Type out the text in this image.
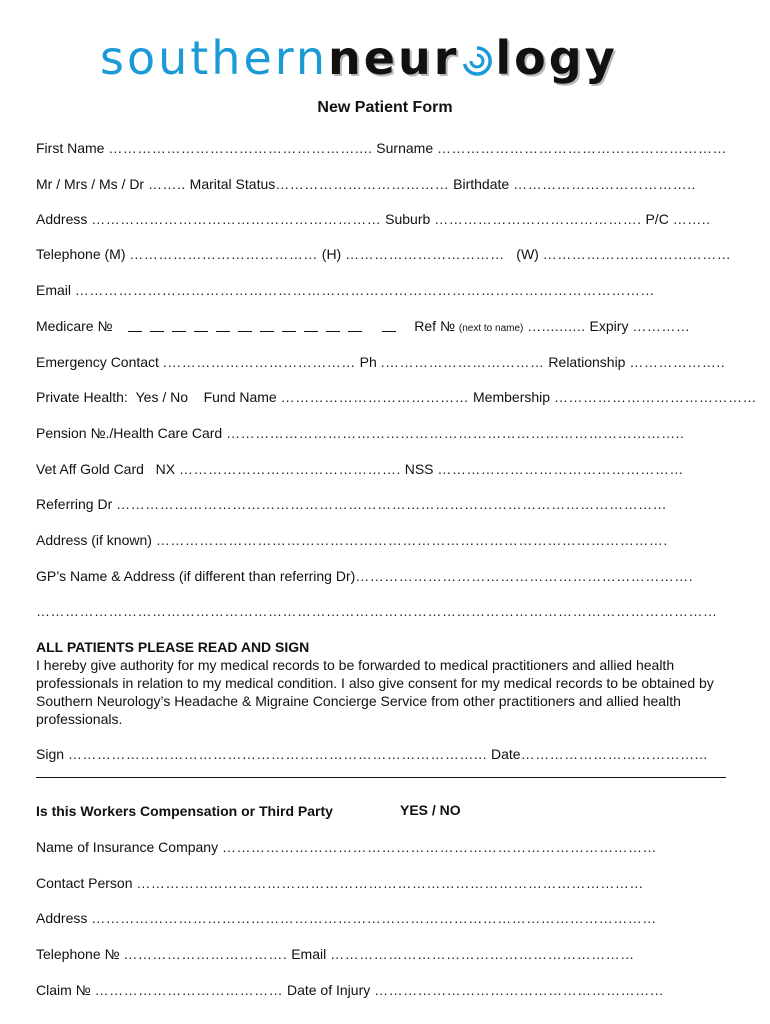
southernneur logy
New Patient Form
First Name …………………………………………….... Surname ……………………………………………………
Mr / Mrs / Ms / Dr …….. Marital Status……………………………… Birthdate ………………………………..
Address …………………………………………………… Suburb ……………………………………. P/C ……..
Telephone (M) ………………………………… (H) …………………………… (W) …………………………………
Email …………………………………………………………………………………………………………
Medicare №	Ref № (next to name) ….......... Expiry …………
Emergency Contact .………………………………… Ph .…………………………… Relationship ………………..
Private Health: Yes / No Fund Name ………………………………… Membership ……………………………………
Pension №./Health Care Card …………………………………………………………………………………..
Vet Aff Gold Card NX ………………………………………. NSS ……………………………………………
Referring Dr ……………………………………………………………………………………………………
Address (if known) …………………………………………………………………………………………….
GP’s Name & Address (if different than referring Dr)…………………………………………………………….
……………………………………………………………………………………………………………………………
ALL PATIENTS PLEASE READ AND SIGN
I hereby give authority for my medical records to be forwarded to medical practitioners and allied health professionals in relation to my medical condition. I also give consent for my medical records to be obtained by Southern Neurology’s Headache & Migraine Concierge Service from other practitioners and allied health professionals.
Sign …………………………………………………………………………... Date………………………………...
Is this Workers Compensation or Third Party	YES / NO
Name of Insurance Company ………………………………………………………………………………
Contact Person ……………………………………………………………………………………………
Address ………………………………………………………………………………………………………
Telephone № ……………………………. Email ………………………………………………………
Claim № ………………………………… Date of Injury ……………………………………………………
